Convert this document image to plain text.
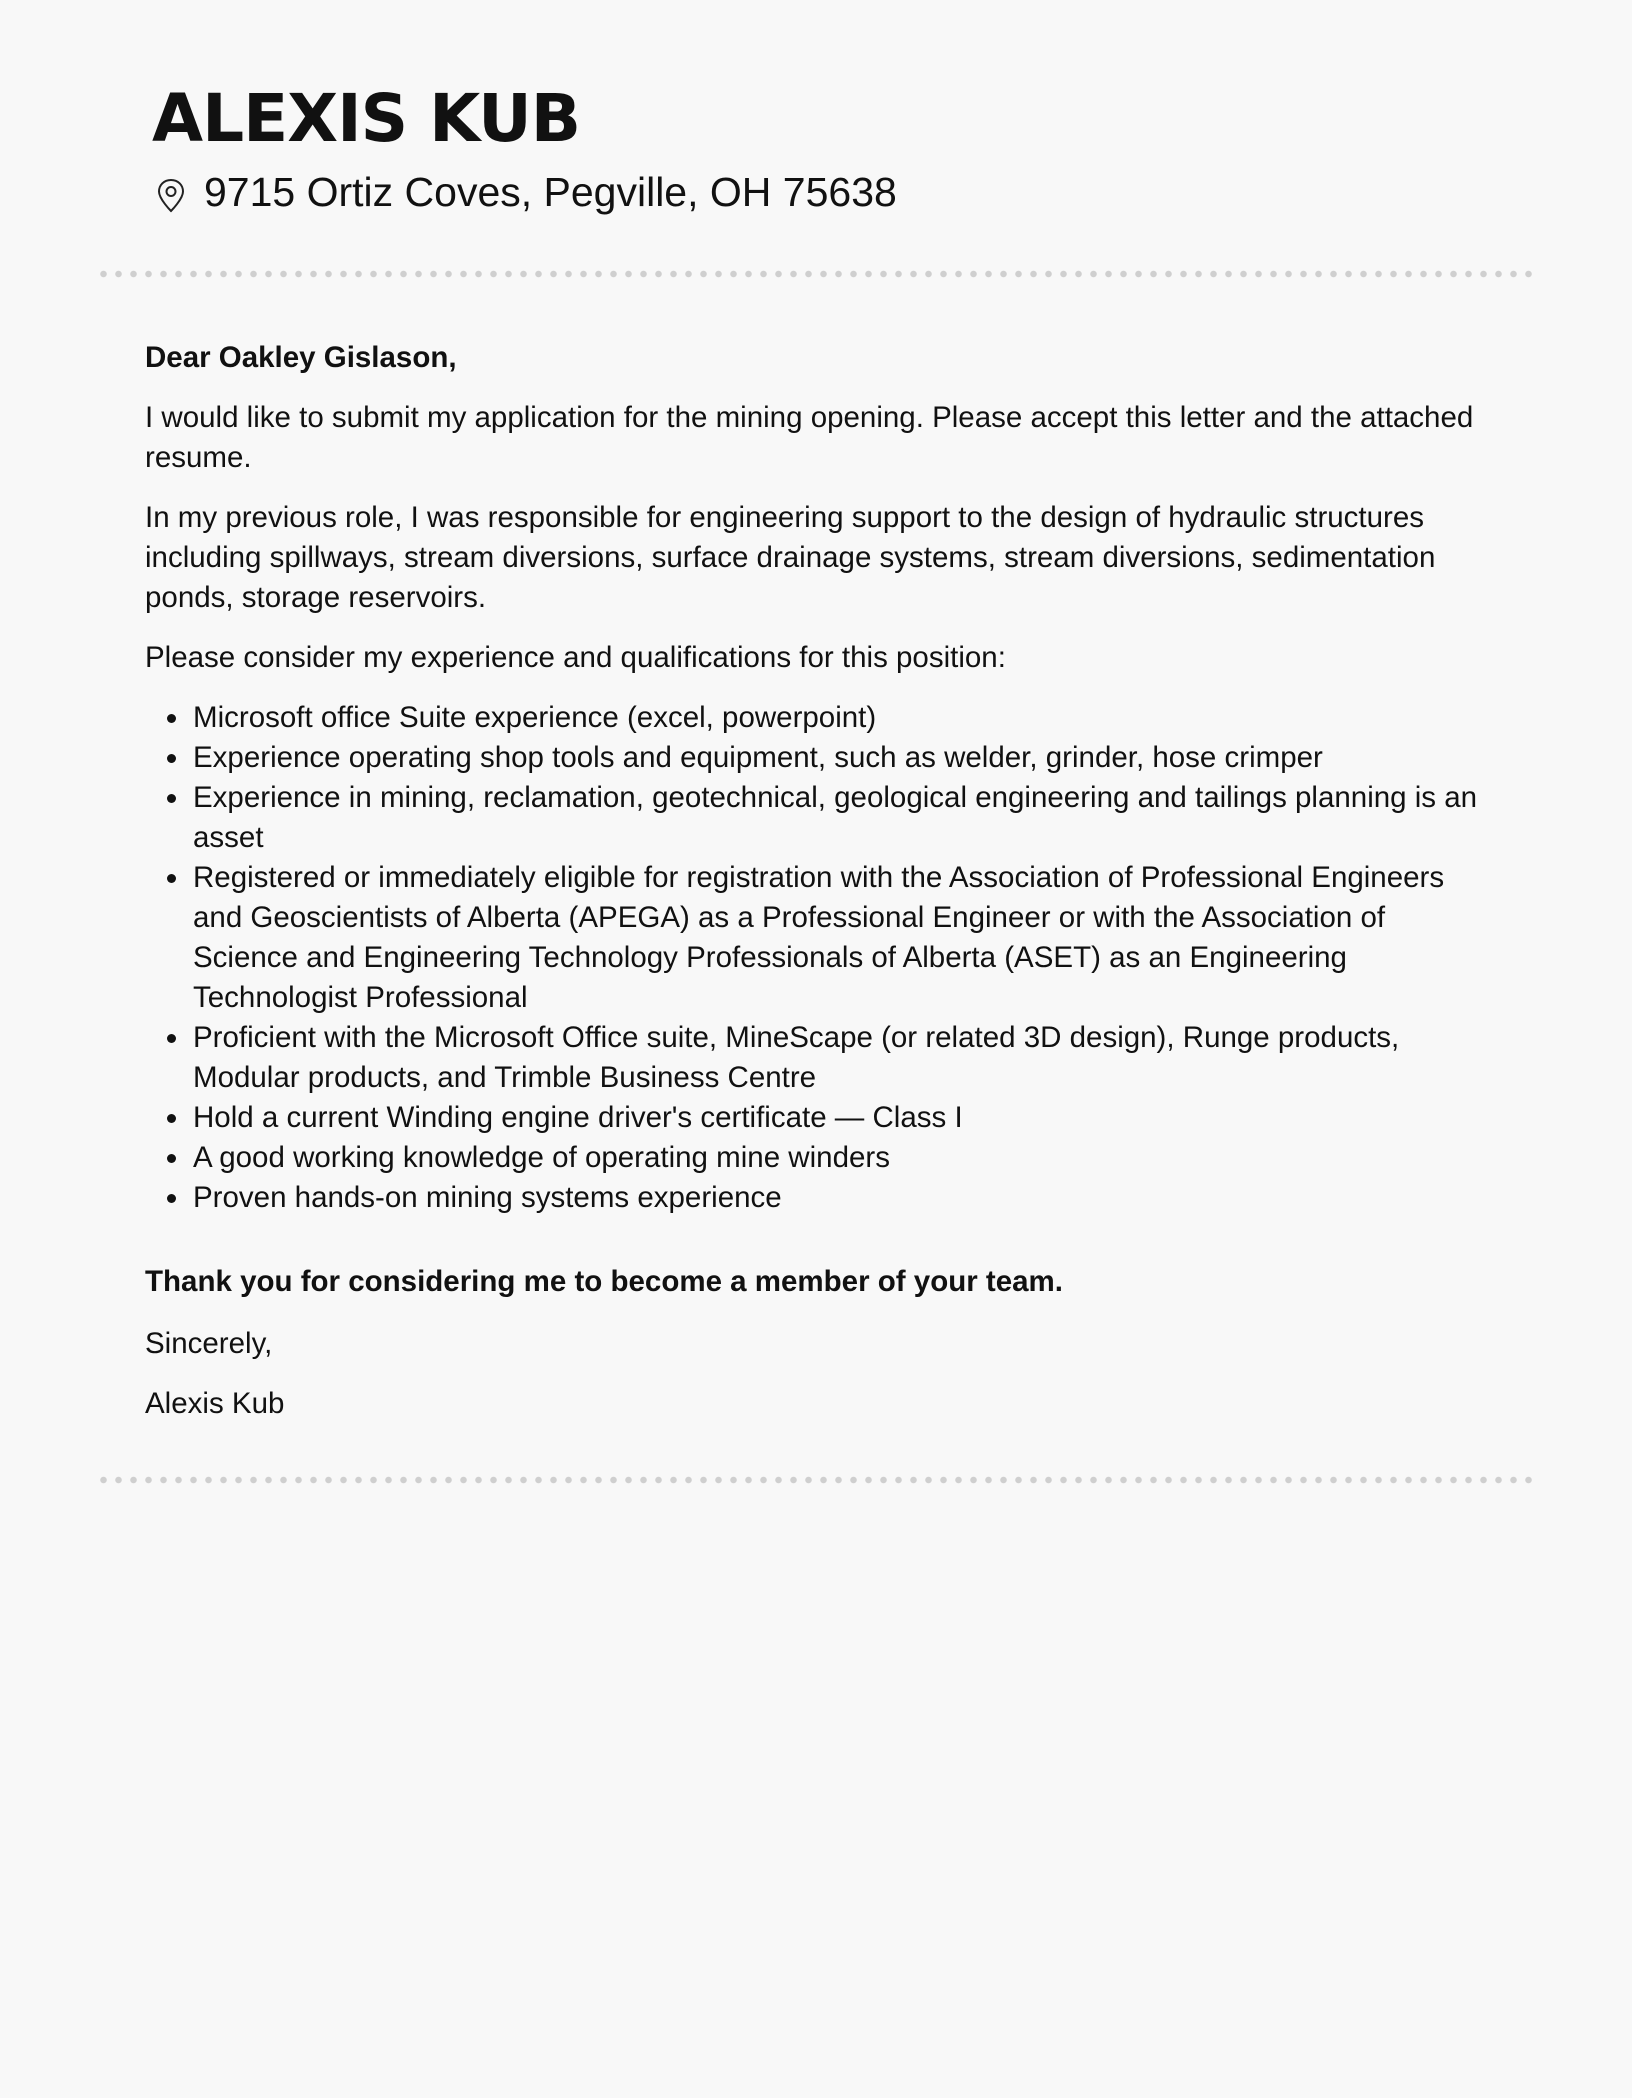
ALEXIS KUB
9715 Ortiz Coves, Pegville, OH 75638

Dear Oakley Gislason,

I would like to submit my application for the mining opening. Please accept this letter and the attached resume.

In my previous role, I was responsible for engineering support to the design of hydraulic structures including spillways, stream diversions, surface drainage systems, stream diversions, sedimentation ponds, storage reservoirs.

Please consider my experience and qualifications for this position:

Microsoft office Suite experience (excel, powerpoint)
Experience operating shop tools and equipment, such as welder, grinder, hose crimper
Experience in mining, reclamation, geotechnical, geological engineering and tailings planning is an asset
Registered or immediately eligible for registration with the Association of Professional Engineers and Geoscientists of Alberta (APEGA) as a Professional Engineer or with the Association of Science and Engineering Technology Professionals of Alberta (ASET) as an Engineering Technologist Professional
Proficient with the Microsoft Office suite, MineScape (or related 3D design), Runge products, Modular products, and Trimble Business Centre
Hold a current Winding engine driver's certificate — Class I
A good working knowledge of operating mine winders
Proven hands-on mining systems experience

Thank you for considering me to become a member of your team.

Sincerely,

Alexis Kub
